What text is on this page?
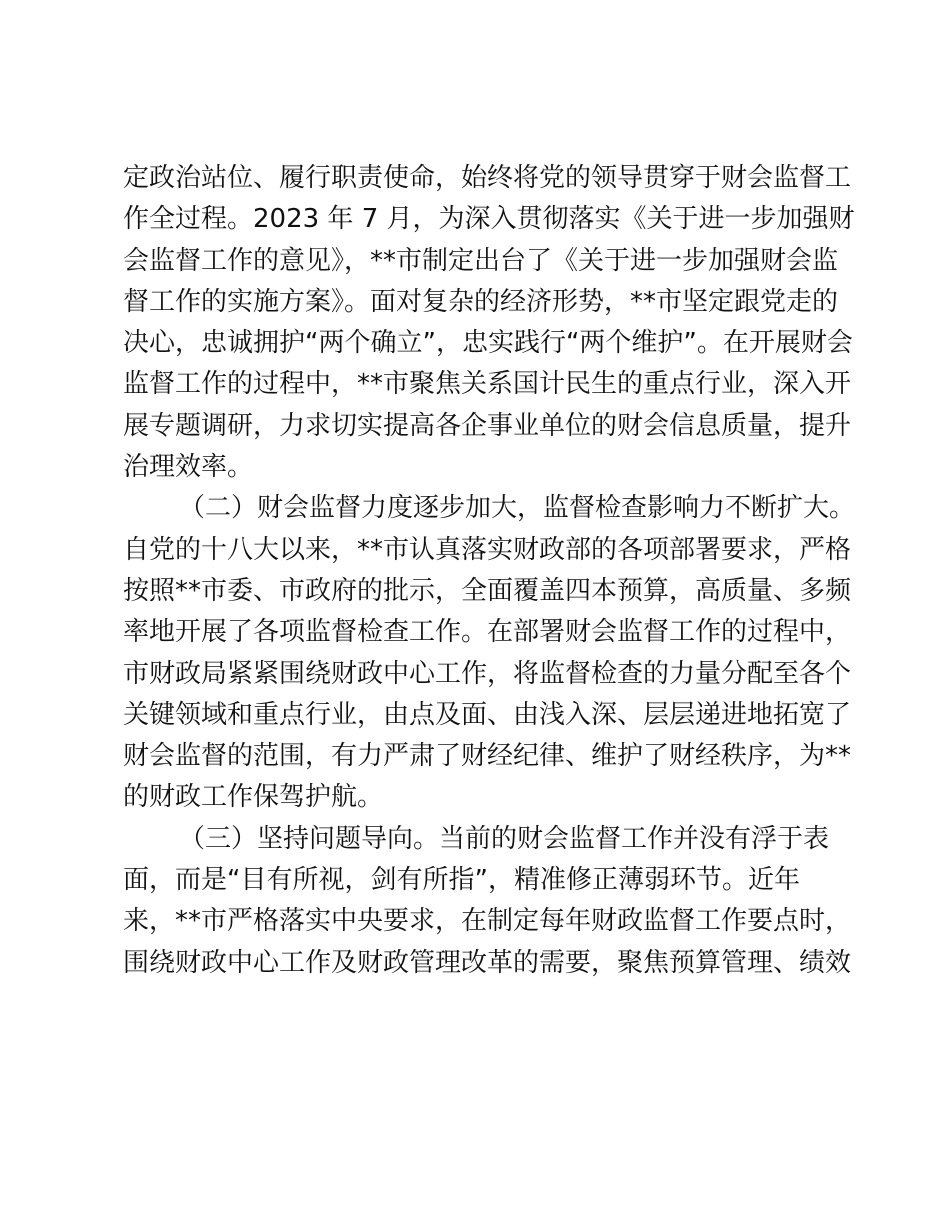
定政治站位、履行职责使命，始终将党的领导贯穿于财会监督工
作全过程。2023 年 7 月，为深入贯彻落实《关于进一步加强财
会监督工作的意见》，**市制定出台了《关于进一步加强财会监
督工作的实施方案》。面对复杂的经济形势，**市坚定跟党走的
决心，忠诚拥护“两个确立”，忠实践行“两个维护”。在开展财会
监督工作的过程中，**市聚焦关系国计民生的重点行业，深入开
展专题调研，力求切实提高各企事业单位的财会信息质量，提升
治理效率。
（二）财会监督力度逐步加大，监督检查影响力不断扩大。
自党的十八大以来，**市认真落实财政部的各项部署要求，严格
按照**市委、市政府的批示，全面覆盖四本预算，高质量、多频
率地开展了各项监督检查工作。在部署财会监督工作的过程中，
市财政局紧紧围绕财政中心工作，将监督检查的力量分配至各个
关键领域和重点行业，由点及面、由浅入深、层层递进地拓宽了
财会监督的范围，有力严肃了财经纪律、维护了财经秩序，为**
的财政工作保驾护航。
（三）坚持问题导向。当前的财会监督工作并没有浮于表
面，而是“目有所视，剑有所指”，精准修正薄弱环节。近年
来，**市严格落实中央要求，在制定每年财政监督工作要点时，
围绕财政中心工作及财政管理改革的需要，聚焦预算管理、绩效
